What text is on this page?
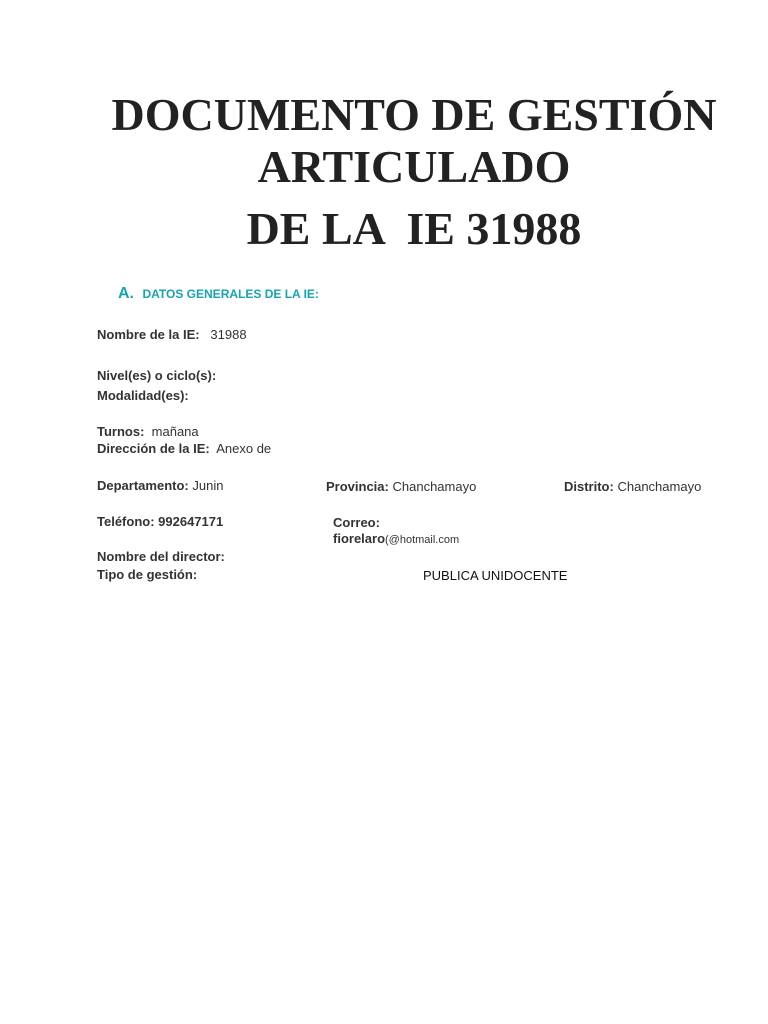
DOCUMENTO DE GESTIÓN
ARTICULADO
DE LA  IE 31988
A. DATOS GENERALES DE LA IE:
Nombre de la IE: 31988
Nivel(es) o ciclo(s):
Modalidad(es):
Turnos: mañana
Dirección de la IE: Anexo de
Departamento: Junin	Provincia: Chanchamayo	Distrito: Chanchamayo
Teléfono: 992647171	Correo:
fiorelaro(@hotmail.com
Nombre del director:
Tipo de gestión:	PUBLICA UNIDOCENTE
